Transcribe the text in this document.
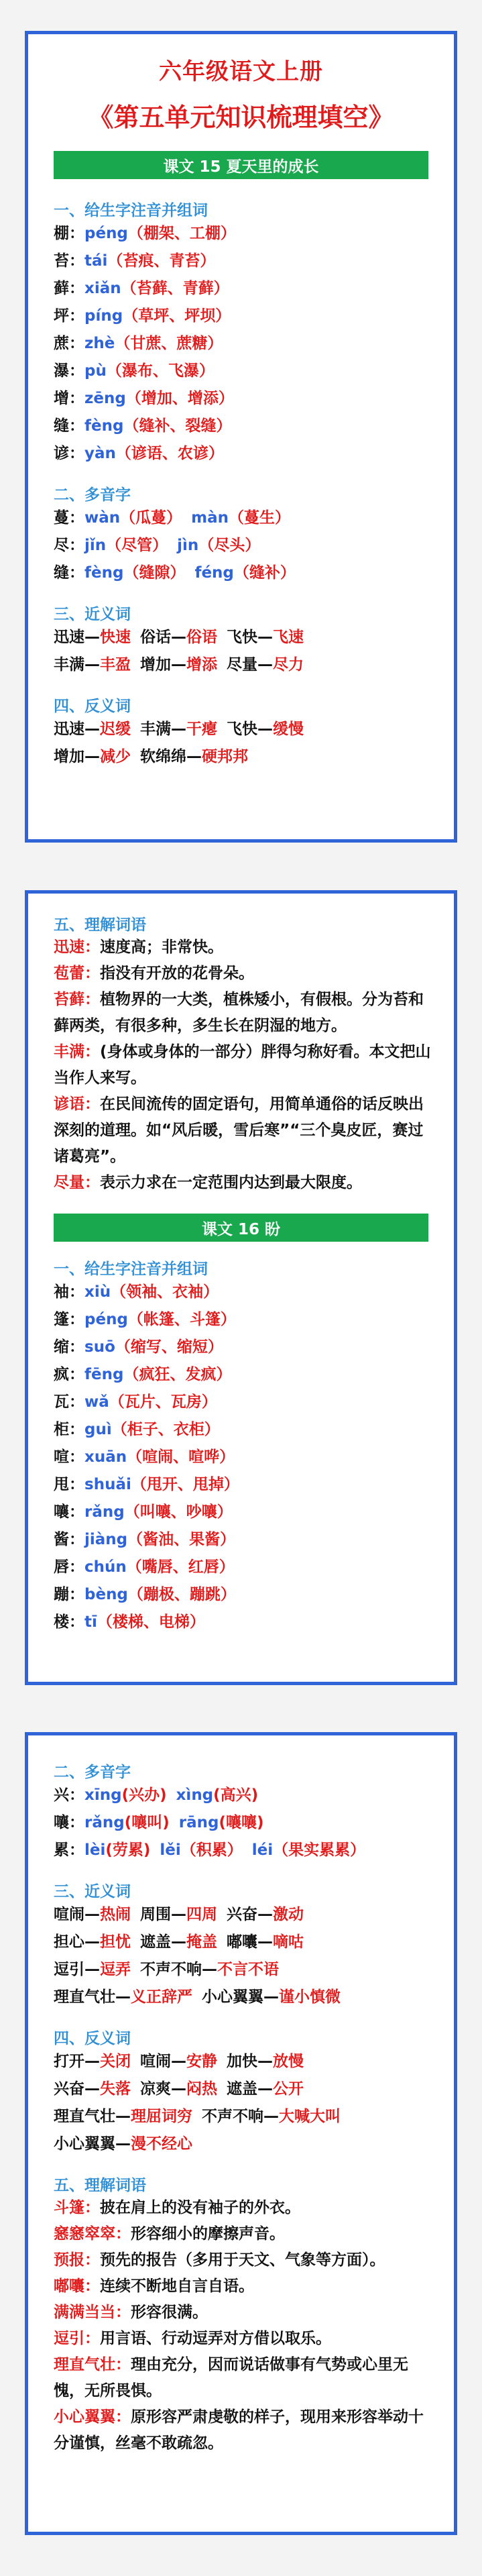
六年级语文上册
《第五单元知识梳理填空》
课文 15 夏天里的成长
一、给生字注音并组词
棚：péng（棚架、工棚）
苔：tái（苔痕、青苔）
藓：xiǎn（苔藓、青藓）
坪：píng（草坪、坪坝）
蔗：zhè（甘蔗、蔗糖）
瀑：pù（瀑布、飞瀑）
增：zēng（增加、增添）
缝：fèng（缝补、裂缝）
谚：yàn（谚语、农谚）
二、多音字
蔓：wàn（瓜蔓） màn（蔓生）
尽：jǐn（尽管） jìn（尽头）
缝：fèng（缝隙） féng（缝补）
三、近义词
迅速—快速 俗话—俗语 飞快—飞速
丰满—丰盈 增加—增添 尽量—尽力
四、反义词
迅速—迟缓 丰满—干瘪 飞快—缓慢
增加—减少 软绵绵—硬邦邦
五、理解词语
迅速：速度高；非常快。
苞蕾：指没有开放的花骨朵。
苔藓：植物界的一大类，植株矮小，有假根。分为苔和藓两类，有很多种，多生长在阴湿的地方。
丰满：(身体或身体的一部分）胖得匀称好看。本文把山当作人来写。
谚语：在民间流传的固定语句，用简单通俗的话反映出深刻的道理。如“风后暖，雪后寒”“三个臭皮匠，赛过诸葛亮”。
尽量：表示力求在一定范围内达到最大限度。
课文 16 盼
一、给生字注音并组词
袖：xiù（领袖、衣袖）
篷：péng（帐篷、斗篷）
缩：suō（缩写、缩短）
疯：fēng（疯狂、发疯）
瓦：wǎ（瓦片、瓦房）
柜：guì（柜子、衣柜）
喧：xuān（喧闹、喧哗）
甩：shuǎi（甩开、甩掉）
嚷：rǎng（叫嚷、吵嚷）
酱：jiàng（酱油、果酱）
唇：chún（嘴唇、红唇）
蹦：bèng（蹦极、蹦跳）
楼：tī（楼梯、电梯）
二、多音字
兴：xīng(兴办) xìng(高兴)
嚷：rǎng(嚷叫) rāng(嚷嚷)
累：lèi(劳累) lěi（积累） léi（果实累累）
三、近义词
喧闹—热闹 周围—四周 兴奋—激动
担心—担忧 遮盖—掩盖 嘟囔—嘀咕
逗引—逗弄 不声不响—不言不语
理直气壮—义正辞严 小心翼翼—谨小慎微
四、反义词
打开—关闭 喧闹—安静 加快—放慢
兴奋—失落 凉爽—闷热 遮盖—公开
理直气壮—理屈词穷 不声不响—大喊大叫
小心翼翼—漫不经心
五、理解词语
斗篷：披在肩上的没有袖子的外衣。
窸窸窣窣：形容细小的摩擦声音。
预报：预先的报告（多用于天文、气象等方面）。
嘟囔：连续不断地自言自语。
满满当当：形容很满。
逗引：用言语、行动逗弄对方借以取乐。
理直气壮：理由充分，因而说话做事有气势或心里无愧，无所畏惧。
小心翼翼：原形容严肃虔敬的样子，现用来形容举动十分谨慎，丝毫不敢疏忽。
